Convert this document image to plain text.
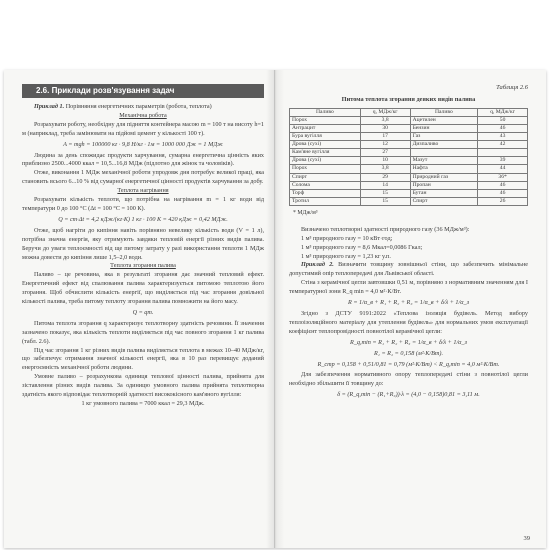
2.6. Приклади розв'язування задач

Приклад 1. Порівняння енергетичних параметрів (робота, теплота)

Механічна робота

Розрахувати роботу, необхідну для підняття контейнера масою m = 100 т на висоту h=1 м (наприклад, треба замінювати на підйомі цемент у кількості 100 т).

A = mgh = 100000 кг · 9,8 Н/кг · 1м = 1000 000 Дж = 1 МДж

Людина за день спожидає продукти харчування, сумарна енергетична цінність яких приблизно 2500...4000 ккал = 10,5...16,8 МДж (підлотно для жінок та чоловіків).

Отже, виконання 1 МДж механічної роботи упродовж дня потребує великої праці, яка становить всього 6...10 % від сумарної енергетичної цінності продуктів харчування за добу.

Теплота нагрівання

Розрахувати кількість теплоти, що потрібна на нагрівання m = 1 кг води від температури 0 до 100 °С (Δt = 100 °С = 100 К).

Q = cm·Δt = 4,2 кДж/(кг·К) 1 кг · 100 К = 420 кДж = 0,42 МДж.

Отже, щоб нагріти до кипіння навіть порівняно невелику кількість води (V = 1 л), потрібна значна енергія, яку отримують завдяки тепловій енергії різних видів палива. Беручи до уваги теплоємності від ще питому затрату у разі використання теплоти 1 МДж можна довести до кипіння лише 1,5–2,0 води.

Теплота згорання палива

Паливо – це речовина, яка в результаті згорання дає значний тепловий ефект. Енергетичний ефект від спалювання палива характеризується питомою теплотою його згорання. Щоб обчислити кількість енергії, що виділяється під час згорання довільної кількості палива, треба питому теплоту згорання палива помножити на його масу.

Q = qm.

Питома теплота згорання q характеризує теплотворну здатність речовини. Її значення зазначено показує, яка кількість теплоти виділяється під час повного згорання 1 кг палива (табл. 2.6).

Під час згорання 1 кг різних видів палива виділяється теплота в межах 10–40 МДж/кг, що забезпечує отримання значної кількості енергії, яка в 10 раз перевищує доданий енергоємність механічної роботи людини.

Умовне паливо – розрахункова одиниця теплової цінності палива, прийнята для зіставлення різних видів палива. За одиницю умовного палива прийнята теплотворна здатність якого відповідає теплотворній здатності висококісного кам'яного вугілля:

1 кг умовного палива = 7000 ккал = 29,3 МДж.

Таблиця 2.6
Питома теплота згорання деяких видів палива
Паливо	q, МДж/кг	Паливо	q, МДж/кг
Порох	3,8	Ацетилен	50
Антрацит	30	Бензин	46
Бура вугілля	17	Газ	43
Дрова (сухі)	12	Дизпаливо	42
Кам'яне вугілля	27		
Дрова (сухі)	10	Мазут	39
Порох	3,8	Нафта	44
Спирт	29	Природний газ	36*
Солома	14	Пропан	46
Торф	15	Бутан	46
Тротил	15	Спирт	26
* МДж/м³

Визначено теплотворні здатності природного газу (36 МДж/м³):

1 м³ природного газу = 10 кВт·год;

1 м³ природного газу = 8,6 Мкал=0,0086 Гкал;

1 м³ природного газу = 1,23 кг у.п.

Приклад 2. Визначити товщину зовнішньої стіни, що забезпечить мінімальне допустимий опір теплопередачі для Львівської області.

Стіна з керамічної цегли завтовшки 0,51 м, порівняно з нормативним значенням для I температурної зони R_q min = 4,0 м²·К/Вт.

R = 1/α_в + R₁ + R₂ + R₃ = 1/α_в + δ/λ + 1/α_з

Згідно з ДСТУ 9191:2022 «Теплова ізоляція будівель. Метод вибору теплоізоляційного матеріалу для утеплення будівель» для нормальних умов експлуатації коефіцієнт теплопровідності повнотілої керамічної цегли:

R_q,min = R₁ + R₂ + R₃ = 1/α_в + δ/λ + 1/α_з

R₁ = R₂ = 0,158 (м²·К/Вт).

R_стр = 0,158 + 0,51/0,81 = 0,79 (м²·К/Вт) < R_q,min = 4,0 м²·К/Вт.

Для забезпечення нормативного опору теплопередачі стіни з повнотілої цегли необхідно збільшити її товщину до:

δ = (R_q,min − (R₁+R₃))·λ = (4,0 − 0,158)0,81 = 3,11 м.

39
